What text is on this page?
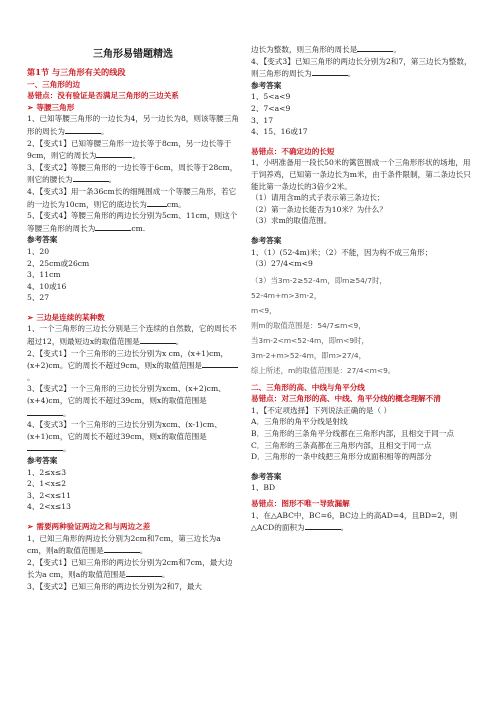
三角形易错题精选
第1节 与三角形有关的线段
一、三角形的边
易错点：没有验证是否满足三角形的三边关系
➢ 等腰三角形
1、已知等腰三角形的一边长为4，另一边长为8，则该等腰三角形的周长为	。
2、【变式1】已知等腰三角形一边长等于8cm，另一边长等于9cm，则它的周长为	。
3、【变式2】等腰三角形的一边长等于6cm，周长等于28cm，则它的腰长为	。
4、【变式3】用一条36cm长的细绳围成一个等腰三角形，若它的一边长为10cm，则它的底边长为	cm。
5、【变式4】等腰三角形的两边长分别为5cm、11cm，则这个等腰三角形的周长为	cm.
参考答案
1、20
2、25cm或26cm
3、11cm
4、10或16
5、27
➢ 三边是连续的某种数
1、一个三角形的三边长分别是三个连续的自然数，它的周长不超过12，则最短边x的取值范围是	。
2、【变式1】一个三角形的三边长分别为x cm，(x+1)cm，(x+2)cm。它的周长不超过9cm，则x的取值范围是。
3、【变式2】一个三角形的三边长分别为xcm、(x+2)cm、(x+4)cm，它的周长不超过39cm，则x的取值范围是。
4、【变式3】一个三角形的三边长分别为xcm、(x-1)cm、(x+1)cm，它的周长不超过39cm，则x的取值范围是。
参考答案
1、2≤x≤3
2、1<x≤2
3、2<x≤11
4、2<x≤13
➢ 需要两种验证两边之和与两边之差
1、已知三角形的两边长分别为2cm和7cm，第三边长为a cm，则a的取值范围是	。
2、【变式1】已知三角形的两边长分别为2cm和7cm，最大边长为a cm，则a的取值范围是	。
3、【变式2】已知三角形的两边长分别为2和7，最大
边长为整数，则三角形的周长是	。
4、【变式3】已知三角形的两边长分别为2和7，第三边长为整数，则三角形的周长为	。
参考答案
1、5<a<9
2、7<a<9
3、17
4、15、16或17
易错点：不确定边的长短
1、小明准备用一段长50米的篱笆围成一个三角形形状的场地，用于饲养鸡，已知第一条边长为m米，由于条件限制，第二条边长只能比第一条边长的3倍少2米。
（1）请用含m的式子表示第三条边长；
（2）第一条边长能否为10米？为什么？
（3）求m的取值范围。
参考答案
1、（1）(52-4m)米；（2）不能，因为构不成三角形；
（3）27/4<m<9
（3）当3m-2≥52-4m，即m≥54/7时，
52-4m+m>3m-2，
m<9，
则m的取值范围是：54/7≤m<9，
当3m-2<m<52-4m，即m<9时，
3m-2+m>52-4m，即m>27/4，
综上所述，m的取值范围是：27/4<m<9。
二、三角形的高、中线与角平分线
易错点：对三角形的高、中线、角平分线的概念理解不清
1、【不定项选择】下列说法正确的是（ ）
A．三角形的角平分线是射线
B．三角形的三条角平分线都在三角形内部，且相交于同一点
C．三角形的三条高都在三角形内部，且相交于同一点
D．三角形的一条中线把三角形分成面积相等的两部分
参考答案
1、BD
易错点：图形不唯一导致漏解
1、在△ABC中，BC=6，BC边上的高AD=4，且BD=2，则△ACD的面积为	。
